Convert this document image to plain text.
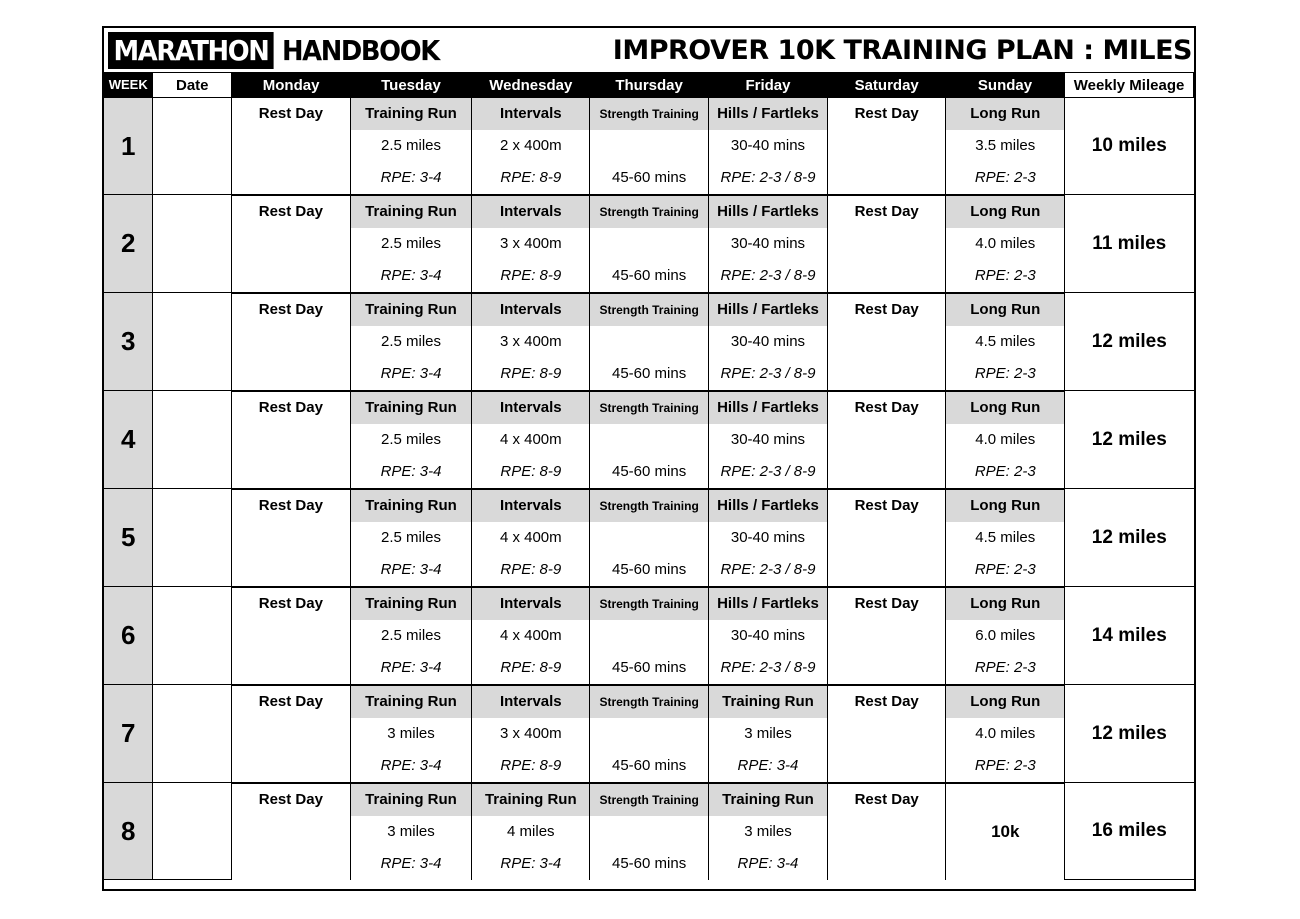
MARATHON HANDBOOK	IMPROVER 10K TRAINING PLAN : MILES
WEEK	Date	Monday	Tuesday	Wednesday	Thursday	Friday	Saturday	Sunday	Weekly Mileage
1		Rest Day	Training Run	Intervals	Strength Training	Hills / Fartleks	Rest Day	Long Run	10 miles
			2.5 miles	2 x 400m		30-40 mins		3.5 miles	
			RPE: 3-4	RPE: 8-9	45-60 mins	RPE: 2-3 / 8-9		RPE: 2-3	
2		Rest Day	Training Run	Intervals	Strength Training	Hills / Fartleks	Rest Day	Long Run	11 miles
			2.5 miles	3 x 400m		30-40 mins		4.0 miles	
			RPE: 3-4	RPE: 8-9	45-60 mins	RPE: 2-3 / 8-9		RPE: 2-3	
3		Rest Day	Training Run	Intervals	Strength Training	Hills / Fartleks	Rest Day	Long Run	12 miles
			2.5 miles	3 x 400m		30-40 mins		4.5 miles	
			RPE: 3-4	RPE: 8-9	45-60 mins	RPE: 2-3 / 8-9		RPE: 2-3	
4		Rest Day	Training Run	Intervals	Strength Training	Hills / Fartleks	Rest Day	Long Run	12 miles
			2.5 miles	4 x 400m		30-40 mins		4.0 miles	
			RPE: 3-4	RPE: 8-9	45-60 mins	RPE: 2-3 / 8-9		RPE: 2-3	
5		Rest Day	Training Run	Intervals	Strength Training	Hills / Fartleks	Rest Day	Long Run	12 miles
			2.5 miles	4 x 400m		30-40 mins		4.5 miles	
			RPE: 3-4	RPE: 8-9	45-60 mins	RPE: 2-3 / 8-9		RPE: 2-3	
6		Rest Day	Training Run	Intervals	Strength Training	Hills / Fartleks	Rest Day	Long Run	14 miles
			2.5 miles	4 x 400m		30-40 mins		6.0 miles	
			RPE: 3-4	RPE: 8-9	45-60 mins	RPE: 2-3 / 8-9		RPE: 2-3	
7		Rest Day	Training Run	Intervals	Strength Training	Training Run	Rest Day	Long Run	12 miles
			3 miles	3 x 400m		3 miles		4.0 miles	
			RPE: 3-4	RPE: 8-9	45-60 mins	RPE: 3-4		RPE: 2-3	
8		Rest Day	Training Run	Training Run	Strength Training	Training Run	Rest Day		16 miles
			3 miles	4 miles		3 miles		10k	
			RPE: 3-4	RPE: 3-4	45-60 mins	RPE: 3-4			
